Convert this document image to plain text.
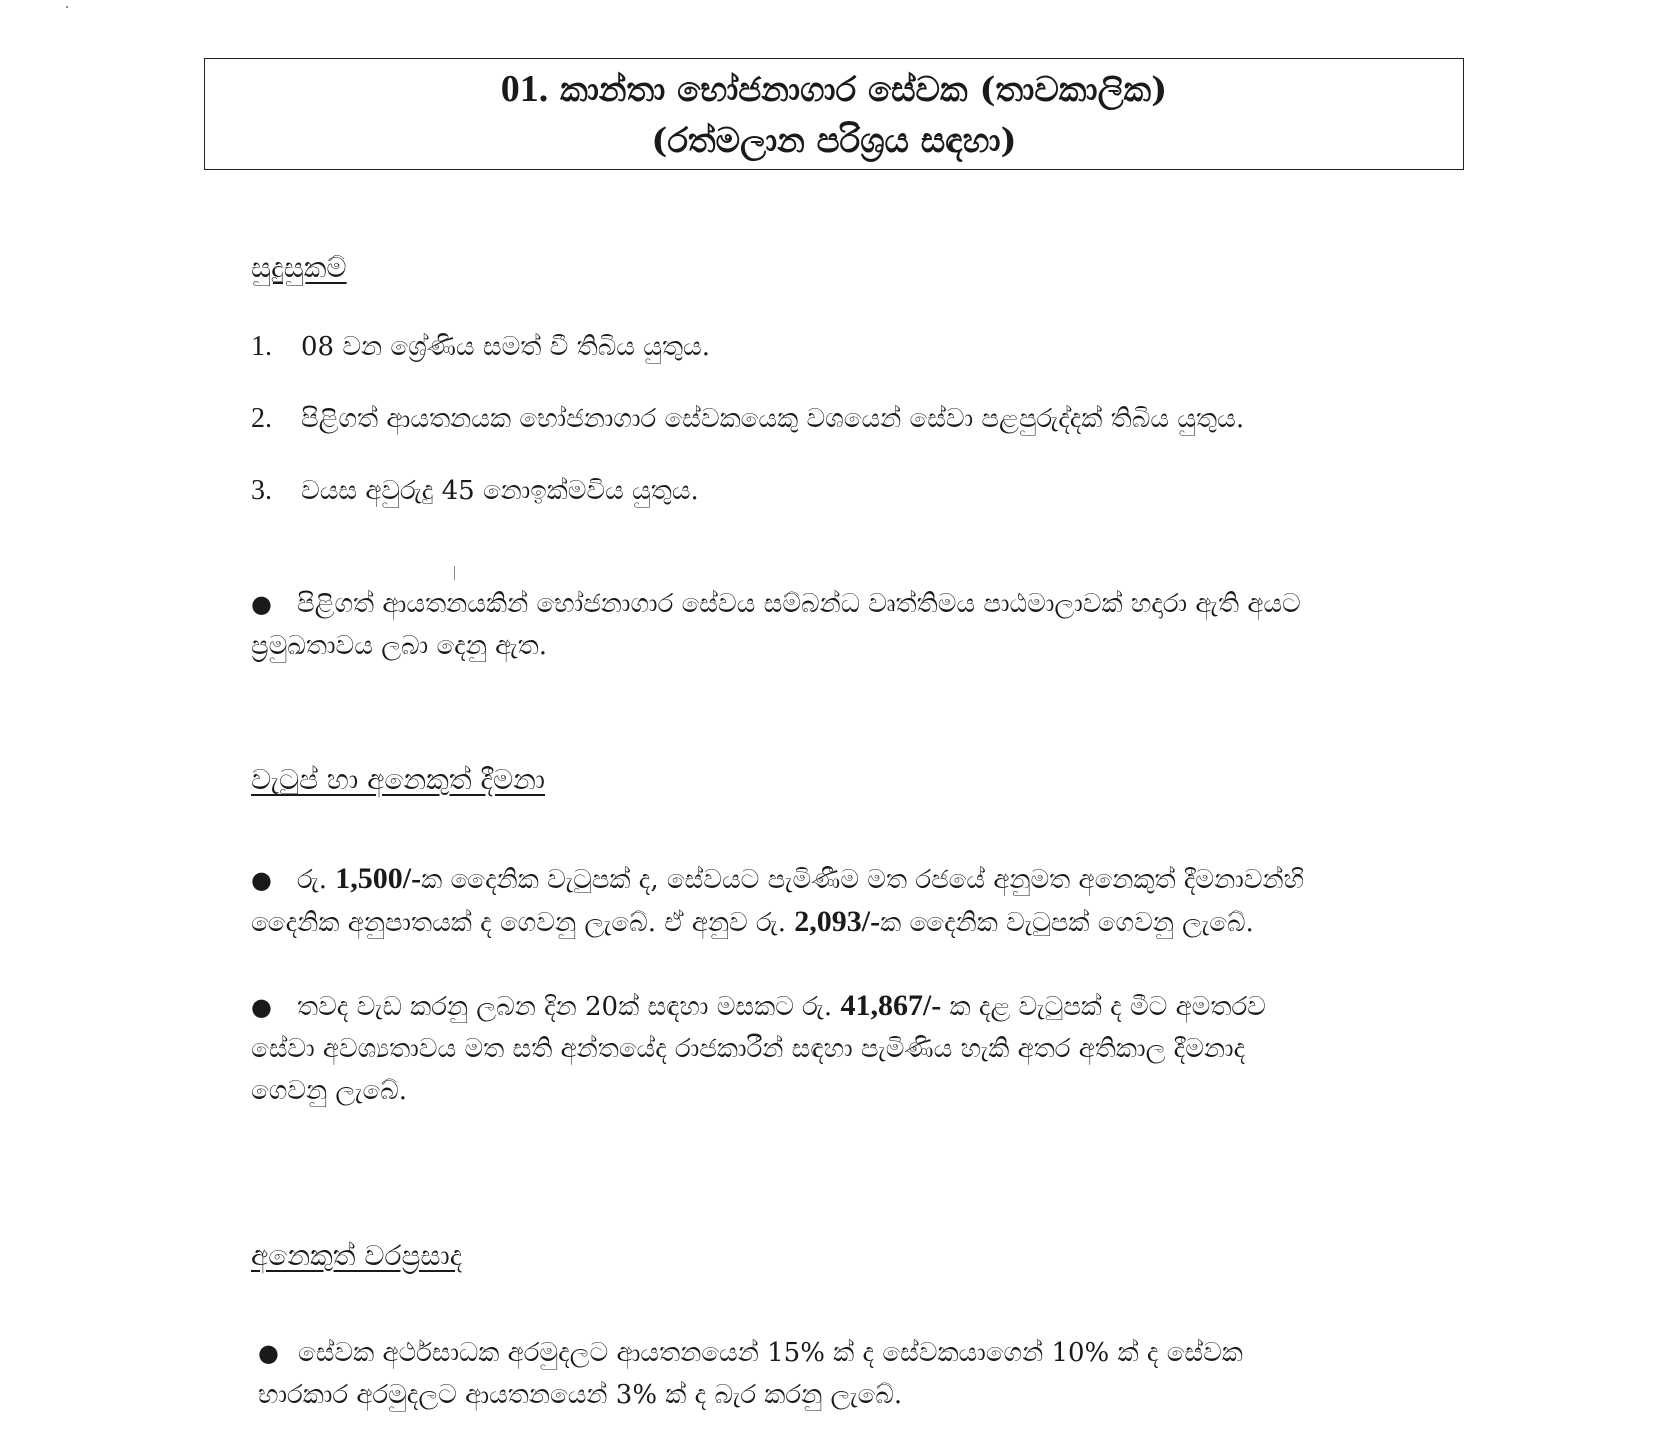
01. කාන්තා භෝජනාගාර සේවක (තාවකාලික)
(රත්මලාන පරිශ්‍රය සඳහා)
සුදුසුකම්
1. 08 වන ශ්‍රේණිය සමත් වී තිබිය යුතුය.
2. පිළිගත් ආයතනයක භෝජනාගාර සේවකයෙකු වශයෙන් සේවා පළපුරුද්දක් තිබිය යුතුය.
3. වයස අවුරුදු 45 නොඉක්මවිය යුතුය.
● පිළිගත් ආයතනයකින් භෝජනාගාර සේවය සම්බන්ධ වෘත්තිමය පාඨමාලාවක් හදාරා ඇති අයට
ප්‍රමුඛතාවය ලබා දෙනු ඇත.
වැටුප් හා අනෙකුත් දීමනා
● රු. 1,500/-ක දෛනික වැටුපක් ද, සේවයට පැමිණීම මත රජයේ අනුමත අනෙකුත් දීමනාවන්හි
දෛනික අනුපාතයක් ද ගෙවනු ලැබේ. ඒ අනුව රු. 2,093/-ක දෛනික වැටුපක් ගෙවනු ලැබේ.
● තවද වැඩ කරනු ලබන දින 20ක් සඳහා මසකට රු. 41,867/- ක දළ වැටුපක් ද මීට අමතරව
සේවා අවශ්‍යතාවය මත සති අන්තයේද රාජකාරීන් සඳහා පැමිණිය හැකි අතර අතිකාල දීමනාද
ගෙවනු ලැබේ.
අනෙකුත් වරප්‍රසාද
● සේවක අර්ථසාධක අරමුදලට ආයතනයෙන් 15% ක් ද සේවකයාගෙන් 10% ක් ද සේවක
භාරකාර අරමුදලට ආයතනයෙන් 3% ක් ද බැර කරනු ලැබේ.
